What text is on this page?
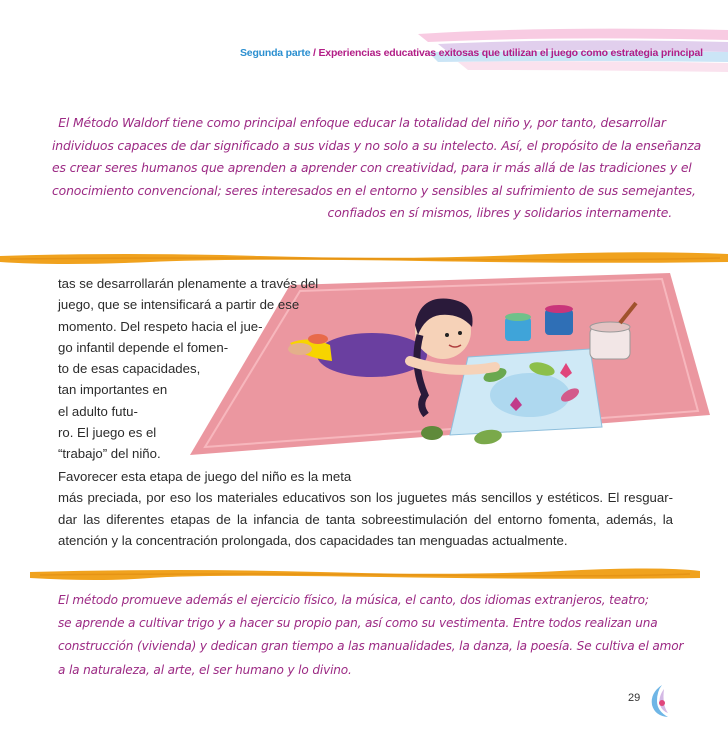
Segunda parte / Experiencias educativas exitosas que utilizan el juego como estrategia principal
El Método Waldorf tiene como principal enfoque educar la totalidad del niño y, por tanto, desarrollar
individuos capaces de dar significado a sus vidas y no solo a su intelecto. Así, el propósito de la enseñanza
es crear seres humanos que aprenden a aprender con creatividad, para ir más allá de las tradiciones y el
conocimiento convencional; seres interesados en el entorno y sensibles al sufrimiento de sus semejantes,
confiados en sí mismos, libres y solidarios internamente.
tas se desarrollarán plenamente a través del
juego, que se intensificará a partir de ese
momento. Del respeto hacia el jue-
go infantil depende el fomen-
to de esas capacidades,
tan importantes en
el adulto futu-
ro. El juego es el
“trabajo” del niño.
Favorecer esta etapa de juego del niño es la meta
más preciada, por eso los materiales educativos son los juguetes más sencillos y estéticos. El resguar-
dar las diferentes etapas de la infancia de tanta sobreestimulación del entorno fomenta, además, la
atención y la concentración prolongada, dos capacidades tan menguadas actualmente.
El método promueve además el ejercicio físico, la música, el canto, dos idiomas extranjeros, teatro;
se aprende a cultivar trigo y a hacer su propio pan, así como su vestimenta. Entre todos realizan una
construcción (vivienda) y dedican gran tiempo a las manualidades, la danza, la poesía. Se cultiva el amor
a la naturaleza, al arte, el ser humano y lo divino.
29
